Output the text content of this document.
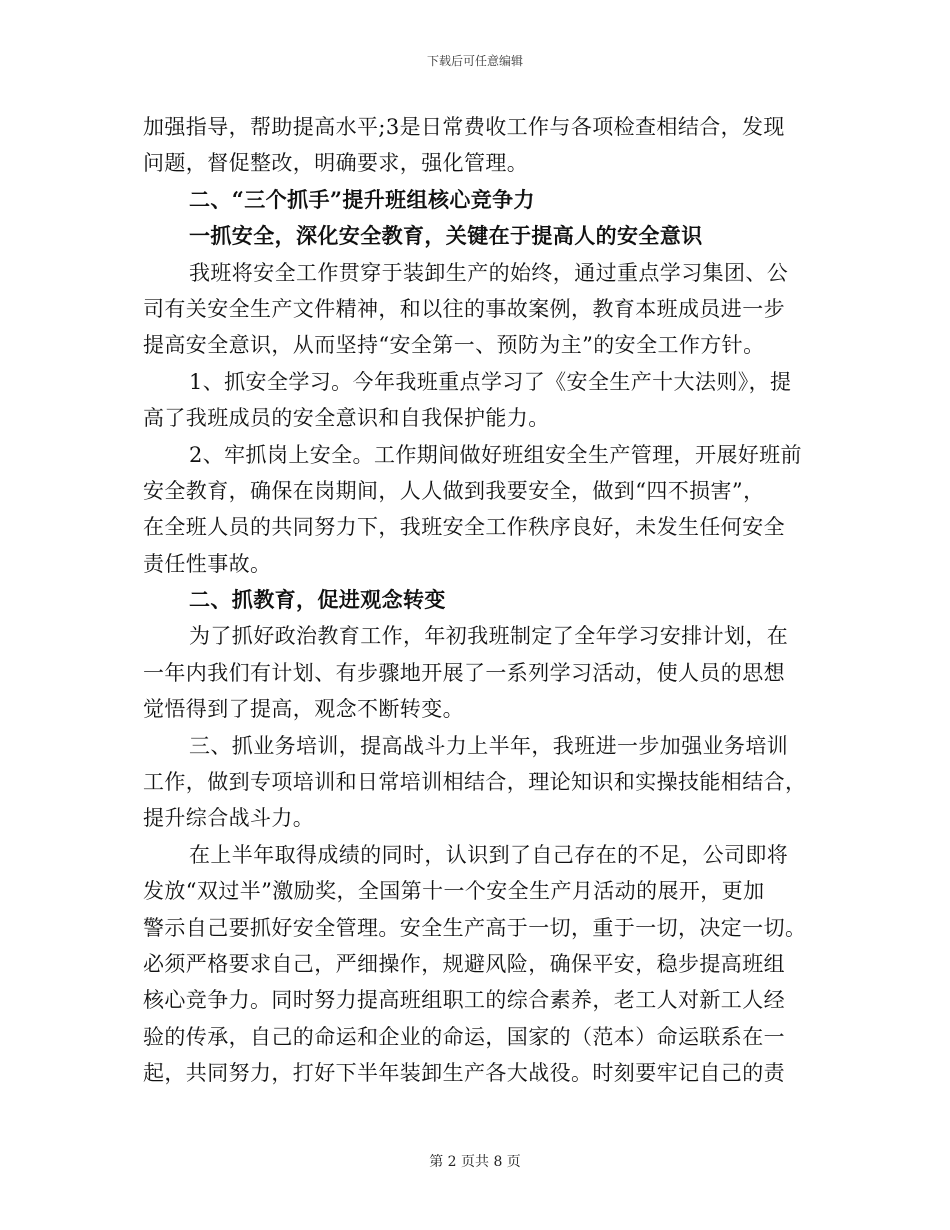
下载后可任意编辑
加强指导，帮助提高水平;3是日常费收工作与各项检查相结合，发现
问题，督促整改，明确要求，强化管理。
二、“三个抓手”提升班组核心竞争力
一抓安全，深化安全教育，关键在于提高人的安全意识
我班将安全工作贯穿于装卸生产的始终，通过重点学习集团、公
司有关安全生产文件精神，和以往的事故案例，教育本班成员进一步
提高安全意识，从而坚持“安全第一、预防为主”的安全工作方针。
1、抓安全学习。今年我班重点学习了《安全生产十大法则》，提
高了我班成员的安全意识和自我保护能力。
2、牢抓岗上安全。工作期间做好班组安全生产管理，开展好班前
安全教育，确保在岗期间，人人做到我要安全，做到“四不损害”，
在全班人员的共同努力下，我班安全工作秩序良好，未发生任何安全
责任性事故。
二、抓教育，促进观念转变
为了抓好政治教育工作，年初我班制定了全年学习安排计划，在
一年内我们有计划、有步骤地开展了一系列学习活动，使人员的思想
觉悟得到了提高，观念不断转变。
三、抓业务培训，提高战斗力上半年，我班进一步加强业务培训
工作，做到专项培训和日常培训相结合，理论知识和实操技能相结合，
提升综合战斗力。
在上半年取得成绩的同时，认识到了自己存在的不足，公司即将
发放“双过半”激励奖，全国第十一个安全生产月活动的展开，更加
警示自己要抓好安全管理。安全生产高于一切，重于一切，决定一切。
必须严格要求自己，严细操作，规避风险，确保平安，稳步提高班组
核心竞争力。同时努力提高班组职工的综合素养，老工人对新工人经
验的传承，自己的命运和企业的命运，国家的（范本）命运联系在一
起，共同努力，打好下半年装卸生产各大战役。时刻要牢记自己的责
第 2 页共 8 页
